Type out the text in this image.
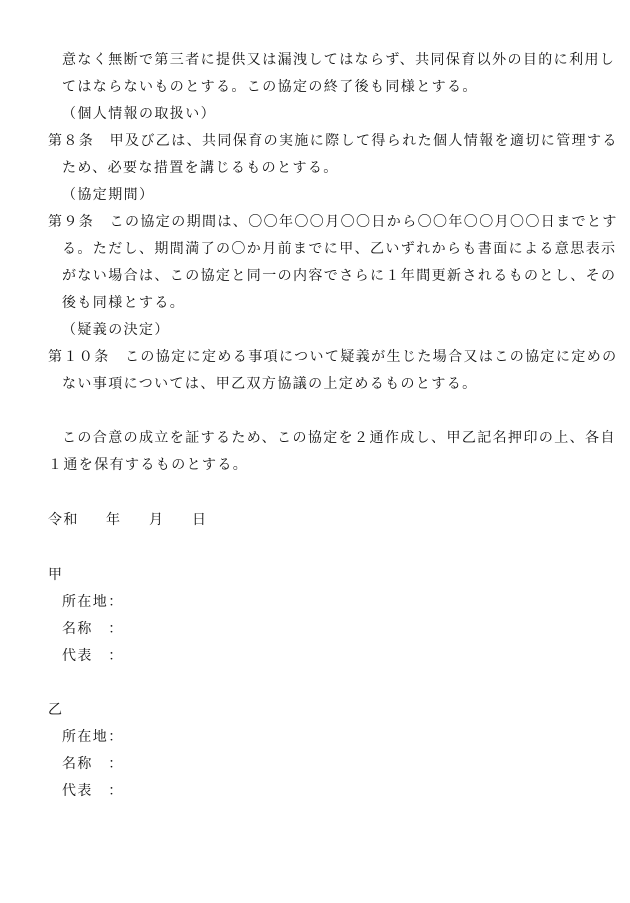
意なく無断で第三者に提供又は漏洩してはならず、共同保育以外の目的に利用し
てはならないものとする。この協定の終了後も同様とする。
（個人情報の取扱い）
第８条　甲及び乙は、共同保育の実施に際して得られた個人情報を適切に管理する
ため、必要な措置を講じるものとする。
（協定期間）
第９条　この協定の期間は、〇〇年〇〇月〇〇日から〇〇年〇〇月〇〇日までとす
る。ただし、期間満了の〇か月前までに甲、乙いずれからも書面による意思表示
がない場合は、この協定と同一の内容でさらに１年間更新されるものとし、その
後も同様とする。
（疑義の決定）
第１０条　この協定に定める事項について疑義が生じた場合又はこの協定に定めの
ない事項については、甲乙双方協議の上定めるものとする。
この合意の成立を証するため、この協定を２通作成し、甲乙記名押印の上、各自
１通を保有するものとする。
令和 年 月 日
甲
所在地：
名称　：
代表　：
乙
所在地：
名称　：
代表　：
